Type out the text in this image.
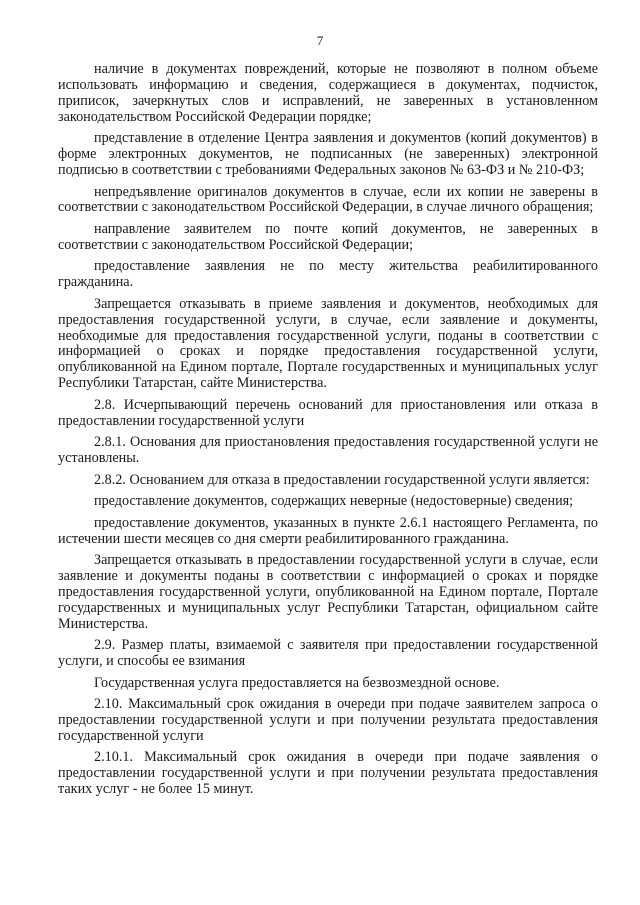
7

наличие в документах повреждений, которые не позволяют в полном объеме использовать информацию и сведения, содержащиеся в документах, подчисток, приписок, зачеркнутых слов и исправлений, не заверенных в установленном законодательством Российской Федерации порядке;

представление в отделение Центра заявления и документов (копий документов) в форме электронных документов, не подписанных (не заверенных) электронной подписью в соответствии с требованиями Федеральных законов № 63-ФЗ и № 210-ФЗ;

непредъявление оригиналов документов в случае, если их копии не заверены в соответствии с законодательством Российской Федерации, в случае личного обращения;

направление заявителем по почте копий документов, не заверенных в соответствии с законодательством Российской Федерации;

предоставление заявления не по месту жительства реабилитированного гражданина.

Запрещается отказывать в приеме заявления и документов, необходимых для предоставления государственной услуги, в случае, если заявление и документы, необходимые для предоставления государственной услуги, поданы в соответствии с информацией о сроках и порядке предоставления государственной услуги, опубликованной на Едином портале, Портале государственных и муниципальных услуг Республики Татарстан, сайте Министерства.

2.8. Исчерпывающий перечень оснований для приостановления или отказа в предоставлении государственной услуги

2.8.1. Основания для приостановления предоставления государственной услуги не установлены.

2.8.2. Основанием для отказа в предоставлении государственной услуги является:

предоставление документов, содержащих неверные (недостоверные) сведения;

предоставление документов, указанных в пункте 2.6.1 настоящего Регламента, по истечении шести месяцев со дня смерти реабилитированного гражданина.

Запрещается отказывать в предоставлении государственной услуги в случае, если заявление и документы поданы в соответствии с информацией о сроках и порядке предоставления государственной услуги, опубликованной на Едином портале, Портале государственных и муниципальных услуг Республики Татарстан, официальном сайте Министерства.

2.9. Размер платы, взимаемой с заявителя при предоставлении государственной услуги, и способы ее взимания

Государственная услуга предоставляется на безвозмездной основе.

2.10. Максимальный срок ожидания в очереди при подаче заявителем запроса о предоставлении государственной услуги и при получении результата предоставления государственной услуги

2.10.1. Максимальный срок ожидания в очереди при подаче заявления о предоставлении государственной услуги и при получении результата предоставления таких услуг - не более 15 минут.
